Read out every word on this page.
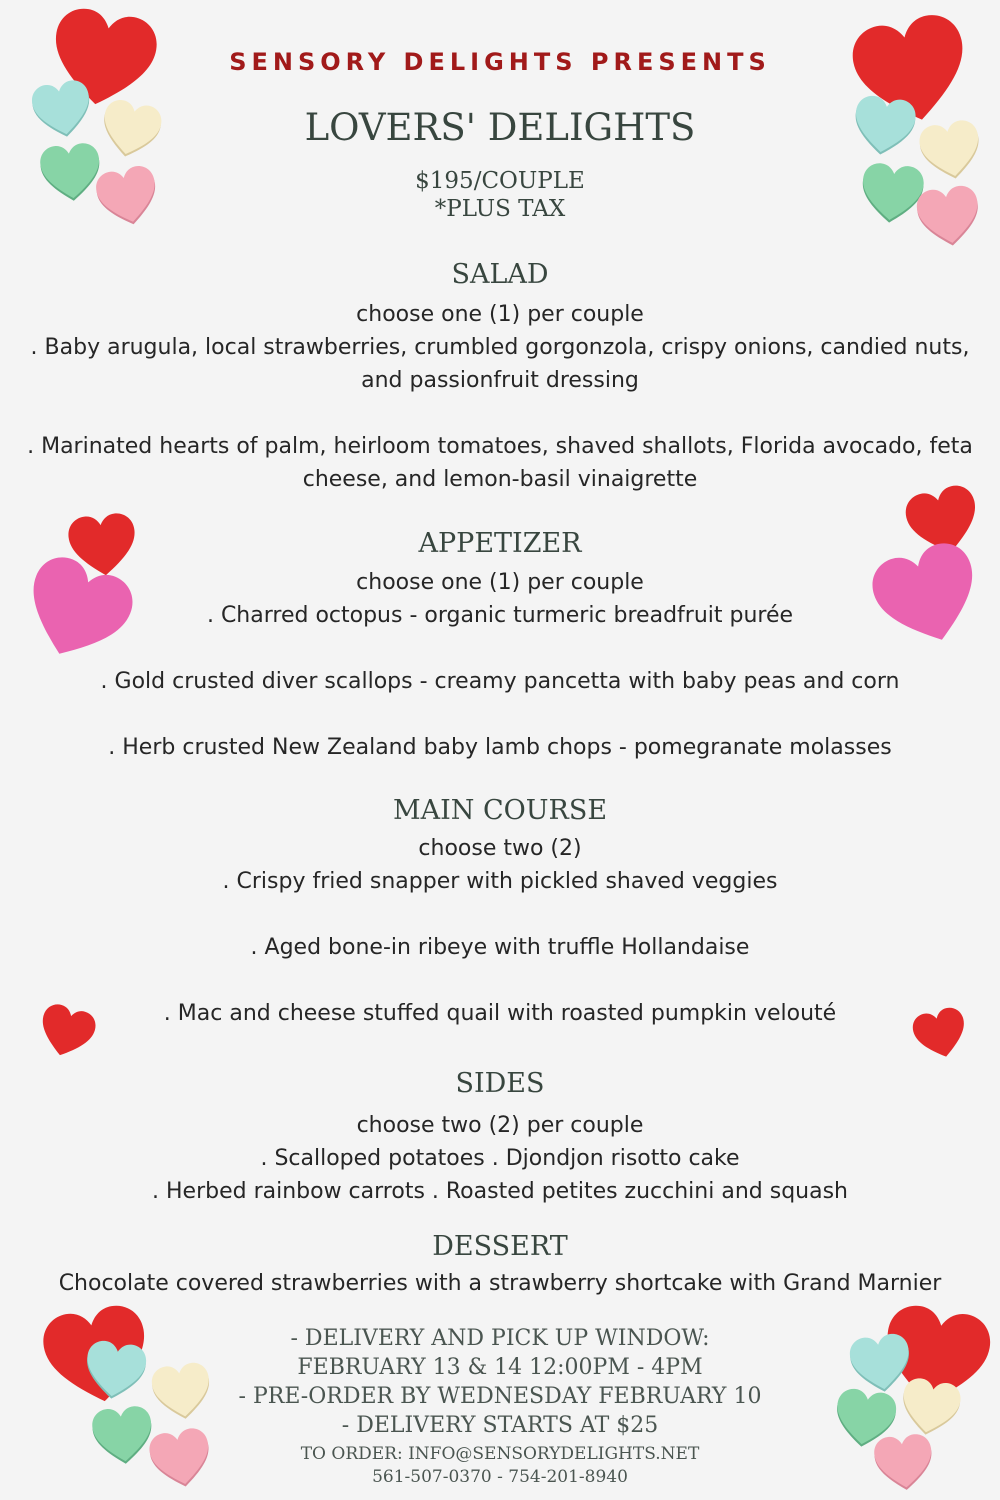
SENSORY DELIGHTS PRESENTS
LOVERS' DELIGHTS
$195/COUPLE
*PLUS TAX
SALAD
choose one (1) per couple
. Baby arugula, local strawberries, crumbled gorgonzola, crispy onions, candied nuts,
and passionfruit dressing
. Marinated hearts of palm, heirloom tomatoes, shaved shallots, Florida avocado, feta
cheese, and lemon-basil vinaigrette
APPETIZER
choose one (1) per couple
. Charred octopus - organic turmeric breadfruit purée
. Gold crusted diver scallops - creamy pancetta with baby peas and corn
. Herb crusted New Zealand baby lamb chops - pomegranate molasses
MAIN COURSE
choose two (2)
. Crispy fried snapper with pickled shaved veggies
. Aged bone-in ribeye with truffle Hollandaise
. Mac and cheese stuffed quail with roasted pumpkin velouté
SIDES
choose two (2) per couple
. Scalloped potatoes . Djondjon risotto cake
. Herbed rainbow carrots . Roasted petites zucchini and squash
DESSERT
Chocolate covered strawberries with a strawberry shortcake with Grand Marnier
- DELIVERY AND PICK UP WINDOW:
FEBRUARY 13 & 14 12:00PM - 4PM
- PRE-ORDER BY WEDNESDAY FEBRUARY 10
- DELIVERY STARTS AT $25
TO ORDER: INFO@SENSORYDELIGHTS.NET
561-507-0370 - 754-201-8940
